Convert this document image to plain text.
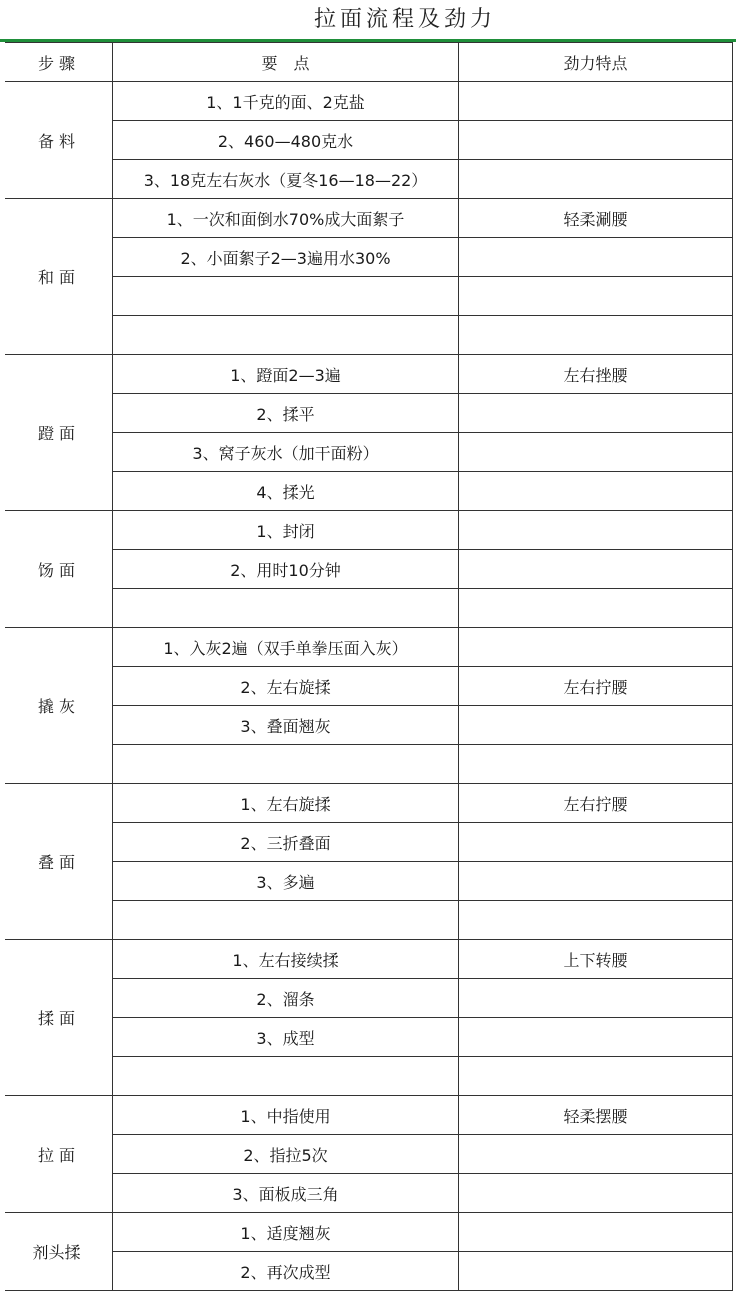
拉面流程及劲力
步 骤	要　点	劲力特点
备 料	1、1千克的面、2克盐	
	2、460—480克水	
	3、18克左右灰水（夏冬16—18—22）	
和 面	1、一次和面倒水70%成大面絮子	轻柔涮腰
	2、小面絮子2—3遍用水30%	

蹬 面	1、蹬面2—3遍	左右挫腰
	2、揉平	
	3、窝子灰水（加干面粉）	
	4、揉光	
饧 面	1、封闭	
	2、用时10分钟	

撬 灰	1、入灰2遍（双手单拳压面入灰）	
	2、左右旋揉	左右拧腰
	3、叠面翘灰	

叠 面	1、左右旋揉	左右拧腰
	2、三折叠面	
	3、多遍	

揉 面	1、左右接续揉	上下转腰
	2、溜条	
	3、成型	

拉 面	1、中指使用	轻柔摆腰
	2、指拉5次	
	3、面板成三角	
剂头揉	1、适度翘灰	
	2、再次成型	
